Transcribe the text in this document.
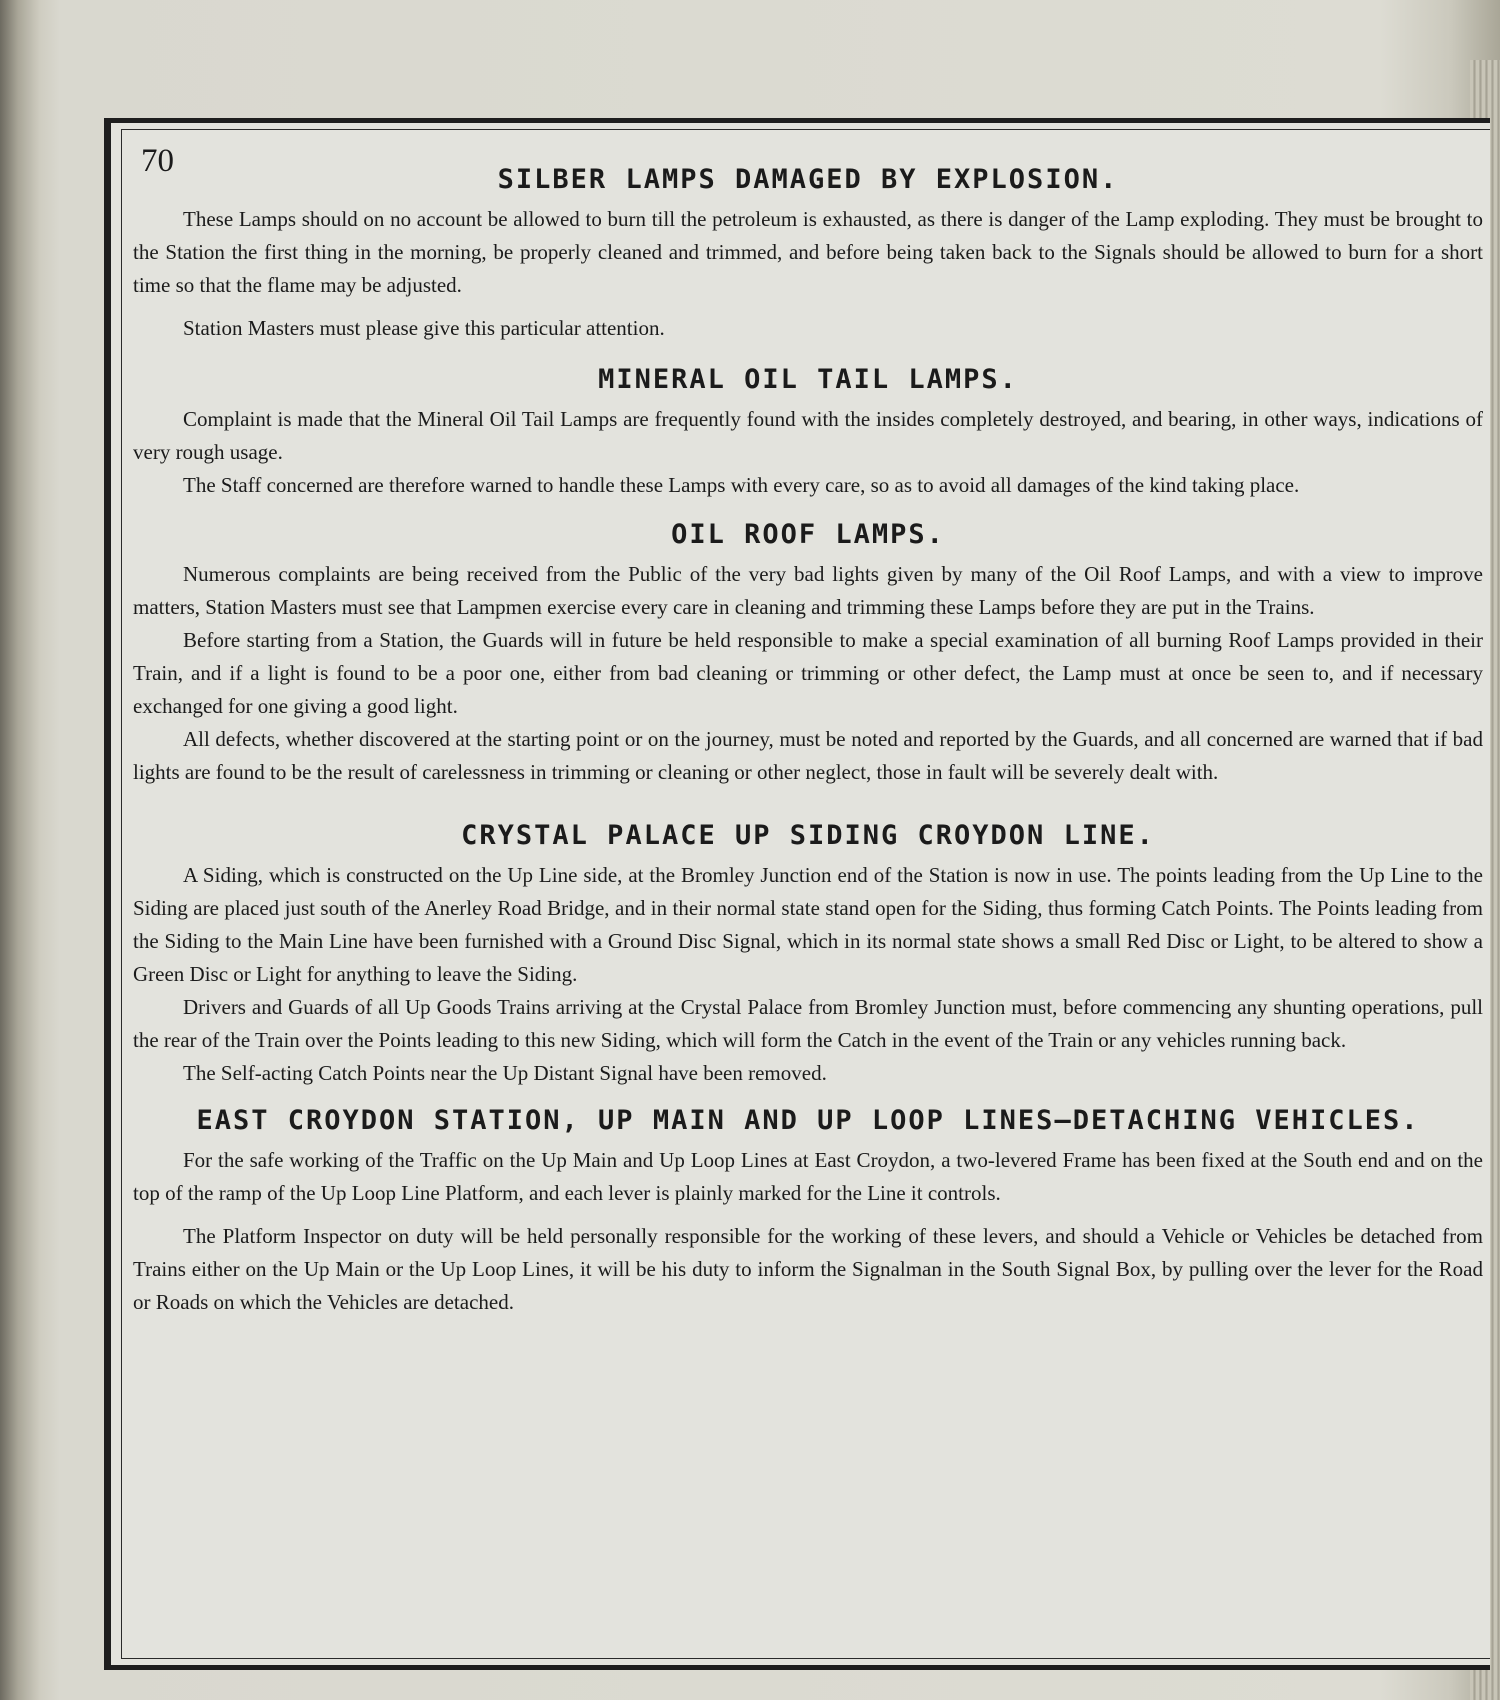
70
SILBER LAMPS DAMAGED BY EXPLOSION.

These Lamps should on no account be allowed to burn till the petroleum is exhausted, as there is danger of the Lamp exploding. They must be brought to the Station the first thing in the morning, be properly cleaned and trimmed, and before being taken back to the Signals should be allowed to burn for a short time so that the flame may be adjusted.

Station Masters must please give this particular attention.

MINERAL OIL TAIL LAMPS.

Complaint is made that the Mineral Oil Tail Lamps are frequently found with the insides completely destroyed, and bearing, in other ways, indications of very rough usage.

The Staff concerned are therefore warned to handle these Lamps with every care, so as to avoid all damages of the kind taking place.

OIL ROOF LAMPS.

Numerous complaints are being received from the Public of the very bad lights given by many of the Oil Roof Lamps, and with a view to improve matters, Station Masters must see that Lampmen exercise every care in cleaning and trimming these Lamps before they are put in the Trains.

Before starting from a Station, the Guards will in future be held responsible to make a special examination of all burning Roof Lamps provided in their Train, and if a light is found to be a poor one, either from bad cleaning or trimming or other defect, the Lamp must at once be seen to, and if necessary exchanged for one giving a good light.

All defects, whether discovered at the starting point or on the journey, must be noted and reported by the Guards, and all concerned are warned that if bad lights are found to be the result of carelessness in trimming or cleaning or other neglect, those in fault will be severely dealt with.

CRYSTAL PALACE UP SIDING CROYDON LINE.

A Siding, which is constructed on the Up Line side, at the Bromley Junction end of the Station is now in use. The points leading from the Up Line to the Siding are placed just south of the Anerley Road Bridge, and in their normal state stand open for the Siding, thus forming Catch Points. The Points leading from the Siding to the Main Line have been furnished with a Ground Disc Signal, which in its normal state shows a small Red Disc or Light, to be altered to show a Green Disc or Light for anything to leave the Siding.

Drivers and Guards of all Up Goods Trains arriving at the Crystal Palace from Bromley Junction must, before commencing any shunting operations, pull the rear of the Train over the Points leading to this new Siding, which will form the Catch in the event of the Train or any vehicles running back.

The Self-acting Catch Points near the Up Distant Signal have been removed.

EAST CROYDON STATION, UP MAIN AND UP LOOP LINES—DETACHING VEHICLES.

For the safe working of the Traffic on the Up Main and Up Loop Lines at East Croydon, a two-levered Frame has been fixed at the South end and on the top of the ramp of the Up Loop Line Platform, and each lever is plainly marked for the Line it controls.

The Platform Inspector on duty will be held personally responsible for the working of these levers, and should a Vehicle or Vehicles be detached from Trains either on the Up Main or the Up Loop Lines, it will be his duty to inform the Signalman in the South Signal Box, by pulling over the lever for the Road or Roads on which the Vehicles are detached.
